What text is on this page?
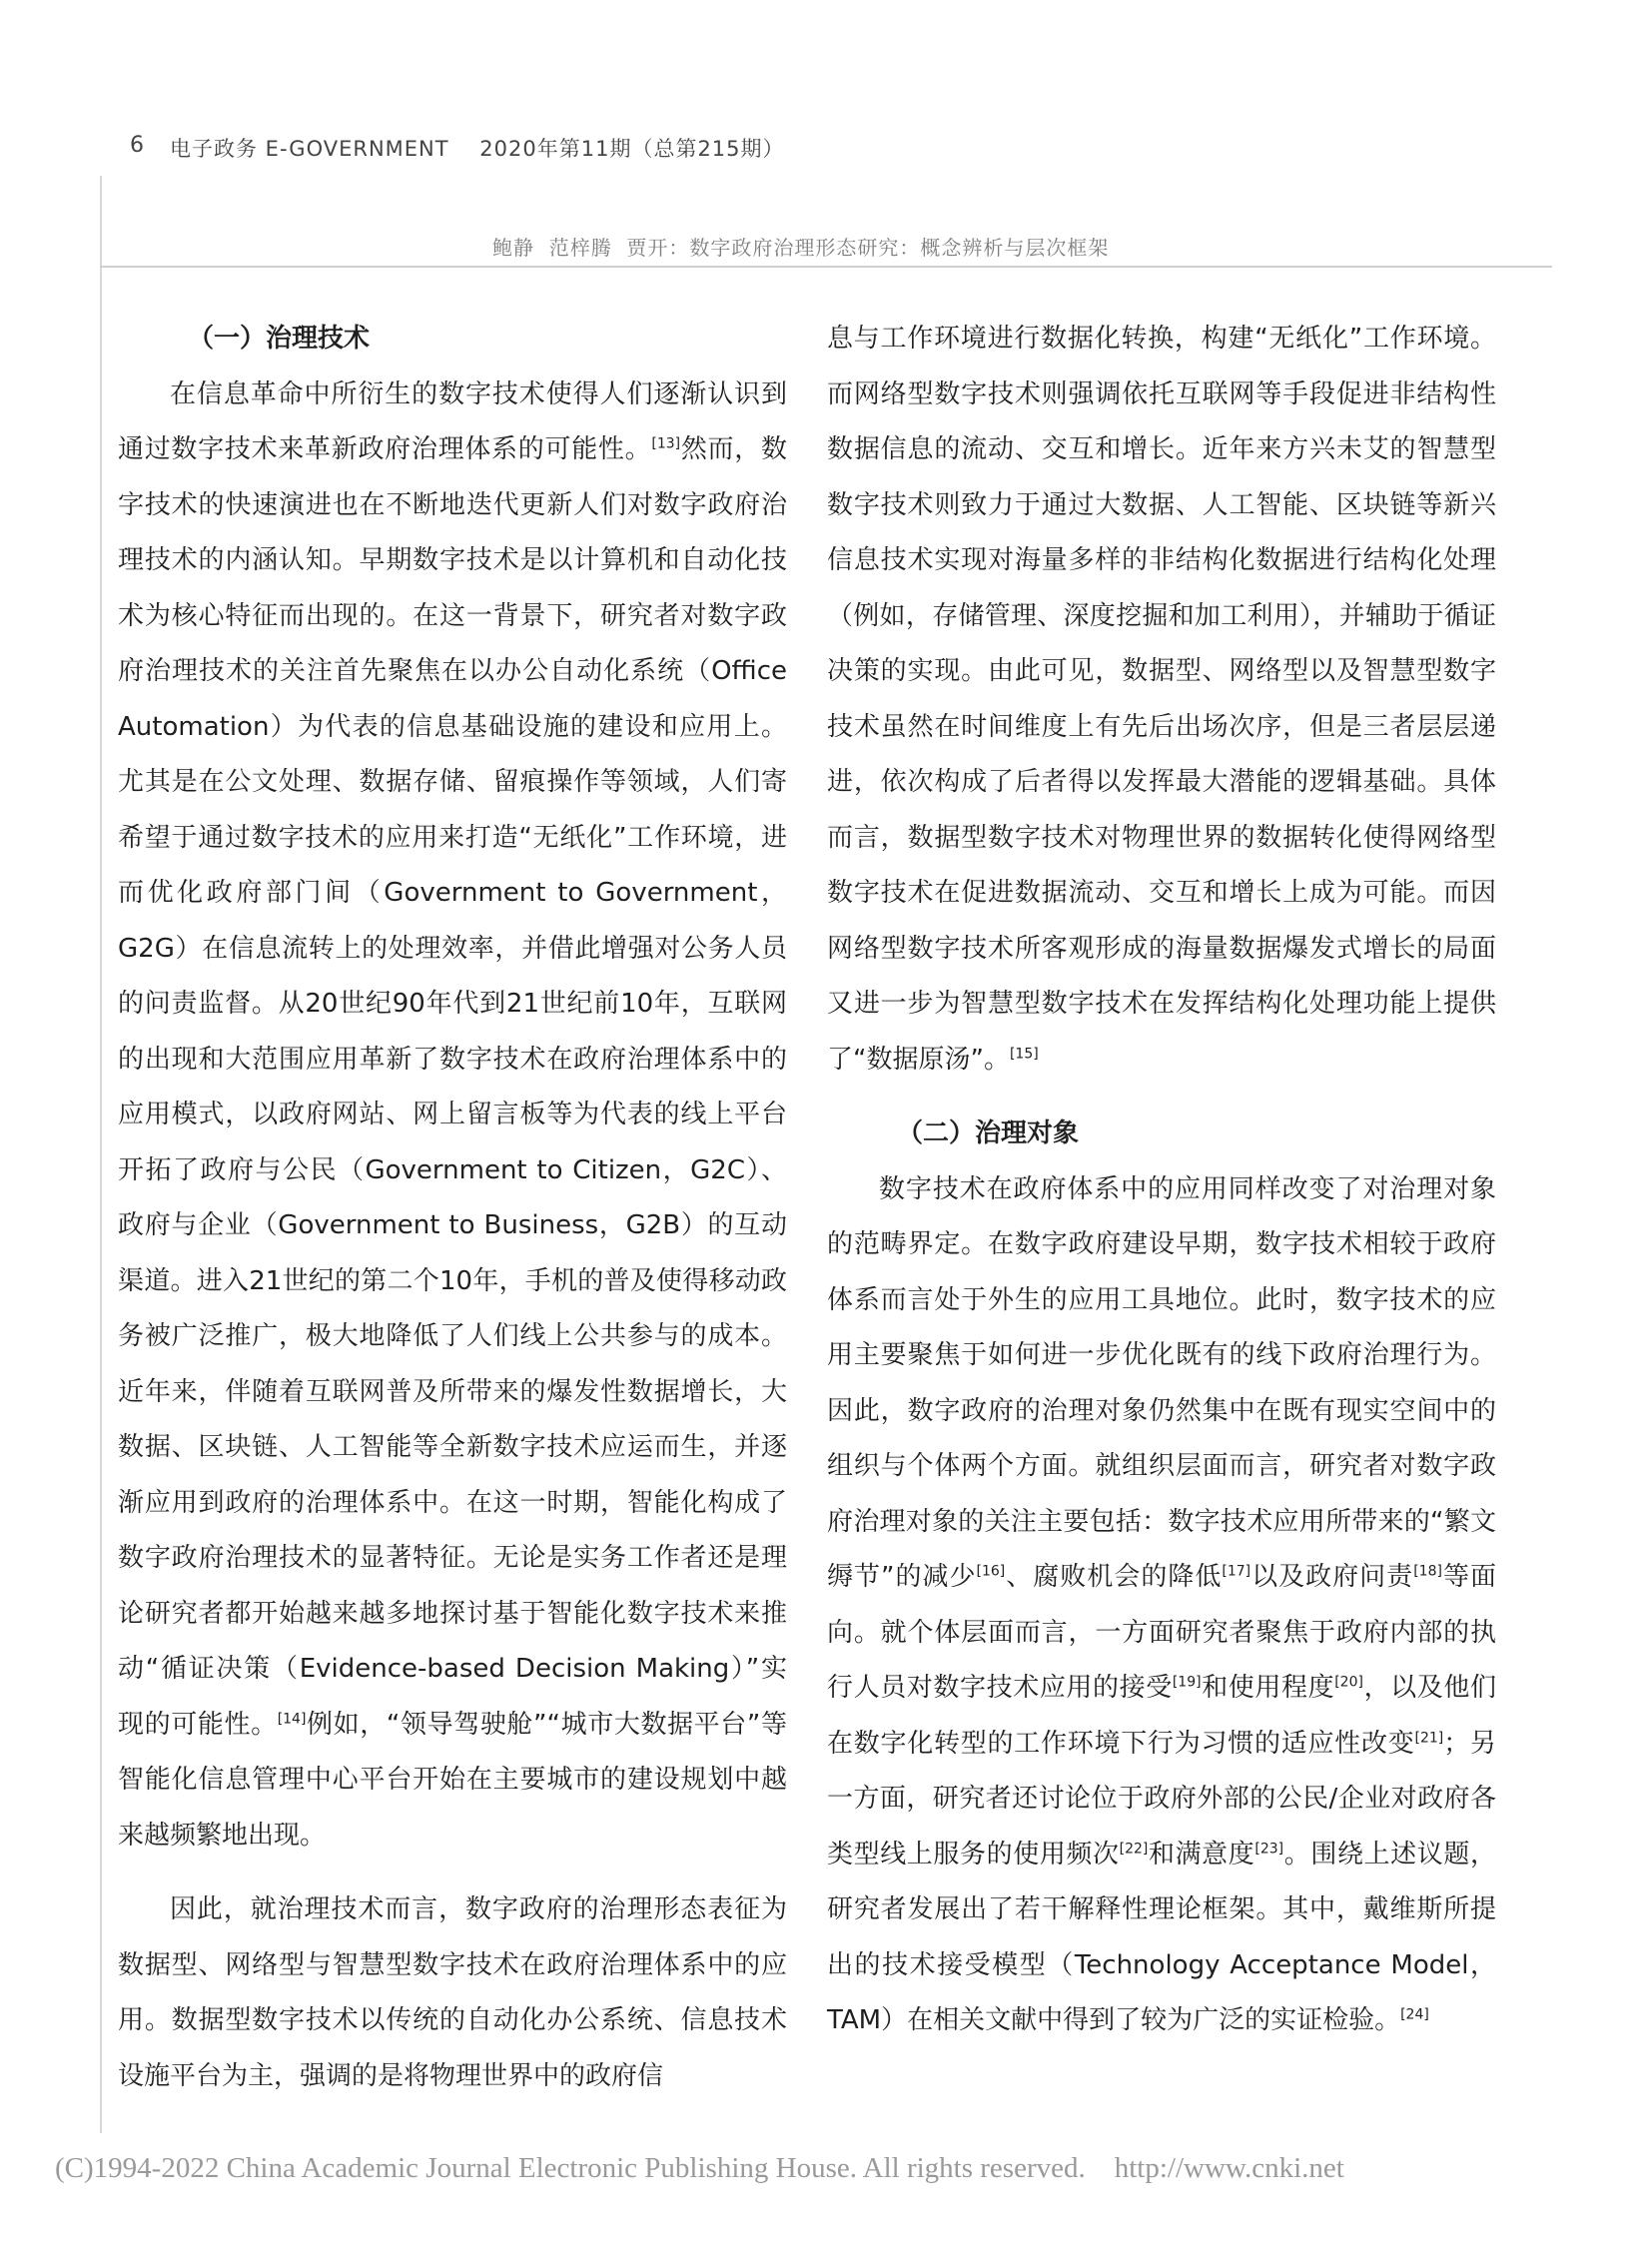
6 电子政务 E-GOVERNMENT    2020年第11期（总第215期）
鲍静  范梓腾  贾开：数字政府治理形态研究：概念辨析与层次框架
（一）治理技术

在信息革命中所衍生的数字技术使得人们逐渐认识到通过数字技术来革新政府治理体系的可能性。[13]然而，数字技术的快速演进也在不断地迭代更新人们对数字政府治理技术的内涵认知。早期数字技术是以计算机和自动化技术为核心特征而出现的。在这一背景下，研究者对数字政府治理技术的关注首先聚焦在以办公自动化系统（Office Automation）为代表的信息基础设施的建设和应用上。尤其是在公文处理、数据存储、留痕操作等领域，人们寄希望于通过数字技术的应用来打造“无纸化”工作环境，进而优化政府部门间（Government to Government，G2G）在信息流转上的处理效率，并借此增强对公务人员的问责监督。从20世纪90年代到21世纪前10年，互联网的出现和大范围应用革新了数字技术在政府治理体系中的应用模式，以政府网站、网上留言板等为代表的线上平台开拓了政府与公民（Government to Citizen，G2C）、政府与企业（Government to Business，G2B）的互动渠道。进入21世纪的第二个10年，手机的普及使得移动政务被广泛推广，极大地降低了人们线上公共参与的成本。近年来，伴随着互联网普及所带来的爆发性数据增长，大数据、区块链、人工智能等全新数字技术应运而生，并逐渐应用到政府的治理体系中。在这一时期，智能化构成了数字政府治理技术的显著特征。无论是实务工作者还是理论研究者都开始越来越多地探讨基于智能化数字技术来推动“循证决策（Evidence-based Decision Making）”实现的可能性。[14]例如，“领导驾驶舱”“城市大数据平台”等智能化信息管理中心平台开始在主要城市的建设规划中越来越频繁地出现。

因此，就治理技术而言，数字政府的治理形态表征为数据型、网络型与智慧型数字技术在政府治理体系中的应用。数据型数字技术以传统的自动化办公系统、信息技术设施平台为主，强调的是将物理世界中的政府信

息与工作环境进行数据化转换，构建“无纸化”工作环境。而网络型数字技术则强调依托互联网等手段促进非结构性数据信息的流动、交互和增长。近年来方兴未艾的智慧型数字技术则致力于通过大数据、人工智能、区块链等新兴信息技术实现对海量多样的非结构化数据进行结构化处理（例如，存储管理、深度挖掘和加工利用），并辅助于循证决策的实现。由此可见，数据型、网络型以及智慧型数字技术虽然在时间维度上有先后出场次序，但是三者层层递进，依次构成了后者得以发挥最大潜能的逻辑基础。具体而言，数据型数字技术对物理世界的数据转化使得网络型数字技术在促进数据流动、交互和增长上成为可能。而因网络型数字技术所客观形成的海量数据爆发式增长的局面又进一步为智慧型数字技术在发挥结构化处理功能上提供了“数据原汤”。[15]

（二）治理对象

数字技术在政府体系中的应用同样改变了对治理对象的范畴界定。在数字政府建设早期，数字技术相较于政府体系而言处于外生的应用工具地位。此时，数字技术的应用主要聚焦于如何进一步优化既有的线下政府治理行为。因此，数字政府的治理对象仍然集中在既有现实空间中的组织与个体两个方面。就组织层面而言，研究者对数字政府治理对象的关注主要包括：数字技术应用所带来的“繁文缛节”的减少[16]、腐败机会的降低[17]以及政府问责[18]等面向。就个体层面而言，一方面研究者聚焦于政府内部的执行人员对数字技术应用的接受[19]和使用程度[20]，以及他们在数字化转型的工作环境下行为习惯的适应性改变[21]；另一方面，研究者还讨论位于政府外部的公民/企业对政府各类型线上服务的使用频次[22]和满意度[23]。围绕上述议题，研究者发展出了若干解释性理论框架。其中，戴维斯所提出的技术接受模型（Technology Acceptance Model，TAM）在相关文献中得到了较为广泛的实证检验。[24]

(C)1994-2022 China Academic Journal Electronic Publishing House. All rights reserved.    http://www.cnki.net
